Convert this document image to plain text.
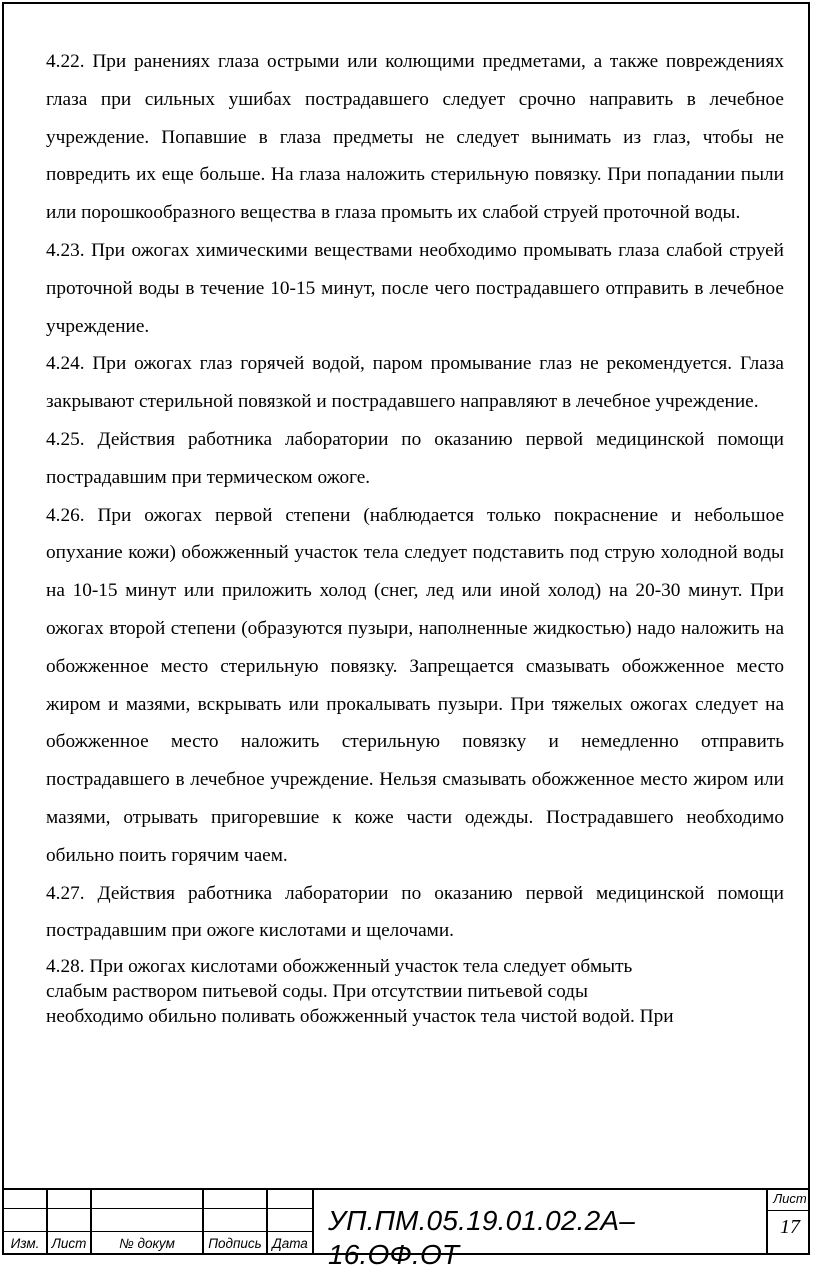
4.22. При ранениях глаза острыми или колющими предметами, а также повреждениях глаза при сильных ушибах пострадавшего следует срочно направить в лечебное учреждение. Попавшие в глаза предметы не следует вынимать из глаз, чтобы не повредить их еще больше. На глаза наложить стерильную повязку. При попадании пыли или порошкообразного вещества в глаза промыть их слабой струей проточной воды.

4.23. При ожогах химическими веществами необходимо промывать глаза слабой струей проточной воды в течение 10-15 минут, после чего пострадавшего отправить в лечебное учреждение.

4.24. При ожогах глаз горячей водой, паром промывание глаз не рекомендуется. Глаза закрывают стерильной повязкой и пострадавшего направляют в лечебное учреждение.

4.25. Действия работника лаборатории по оказанию первой медицинской помощи пострадавшим при термическом ожоге.

4.26. При ожогах первой степени (наблюдается только покраснение и небольшое опухание кожи) обожженный участок тела следует подставить под струю холодной воды на 10-15 минут или приложить холод (снег, лед или иной холод) на 20-30 минут. При ожогах второй степени (образуются пузыри, наполненные жидкостью) надо наложить на обожженное место стерильную повязку. Запрещается смазывать обожженное место жиром и мазями, вскрывать или прокалывать пузыри. При тяжелых ожогах следует на обожженное место наложить стерильную повязку и немедленно отправить пострадавшего в лечебное учреждение. Нельзя смазывать обожженное место жиром или мазями, отрывать пригоревшие к коже части одежды. Пострадавшего необходимо обильно поить горячим чаем.

4.27. Действия работника лаборатории по оказанию первой медицинской помощи пострадавшим при ожоге кислотами и щелочами.

4.28. При ожогах кислотами обожженный участок тела следует обмыть
слабым раствором питьевой соды. При отсутствии питьевой соды
необходимо обильно поливать обожженный участок тела чистой водой. При
Изм. Лист	№ докум	Подпись Дата
УП.ПМ.05.19.01.02.2А–16.ОФ.ОТ
Лист
17
